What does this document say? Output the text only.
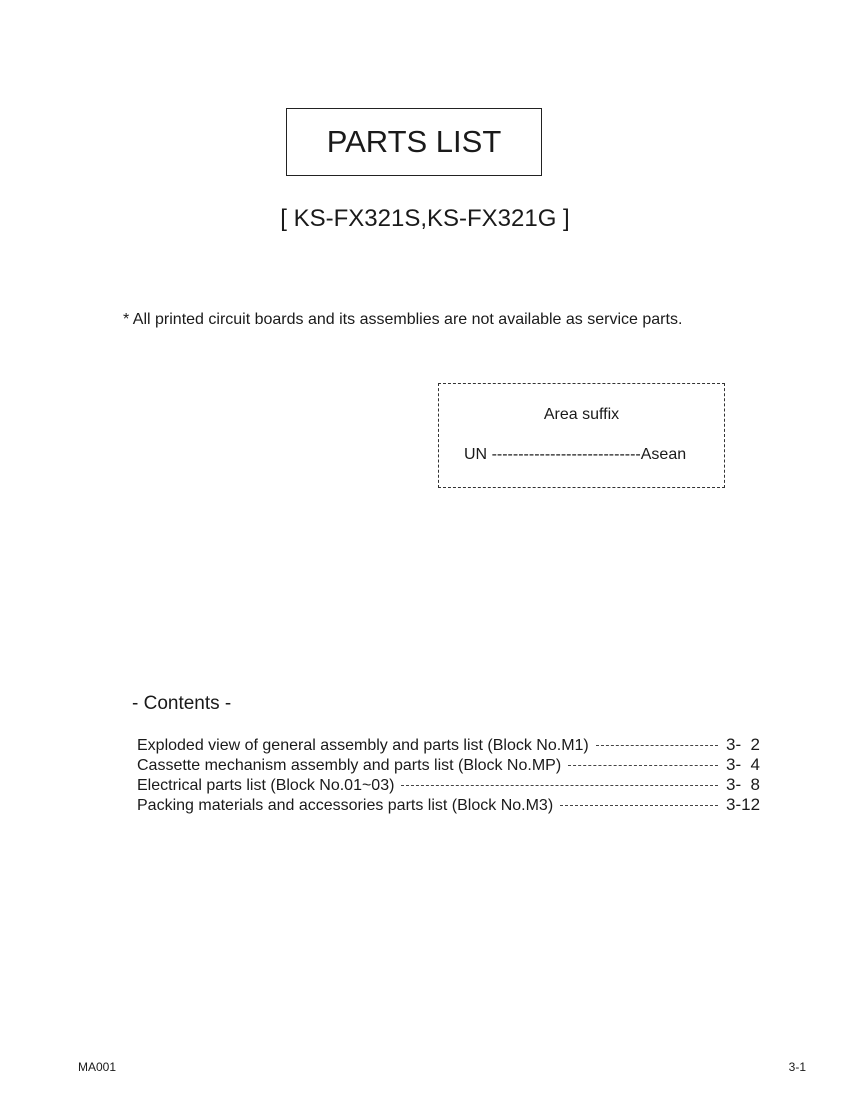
PARTS LIST
[ KS-FX321S,KS-FX321G ]
* All printed circuit boards and its assemblies are not available as service parts.
Area suffix
UN ----------------------------Asean
- Contents -
Exploded view of general assembly and parts list (Block No.M1)	3-  2
Cassette mechanism assembly and parts list (Block No.MP)	3-  4
Electrical parts list (Block No.01~03)	3-  8
Packing materials and accessories parts list (Block No.M3)	3-12
MA001	3-1
